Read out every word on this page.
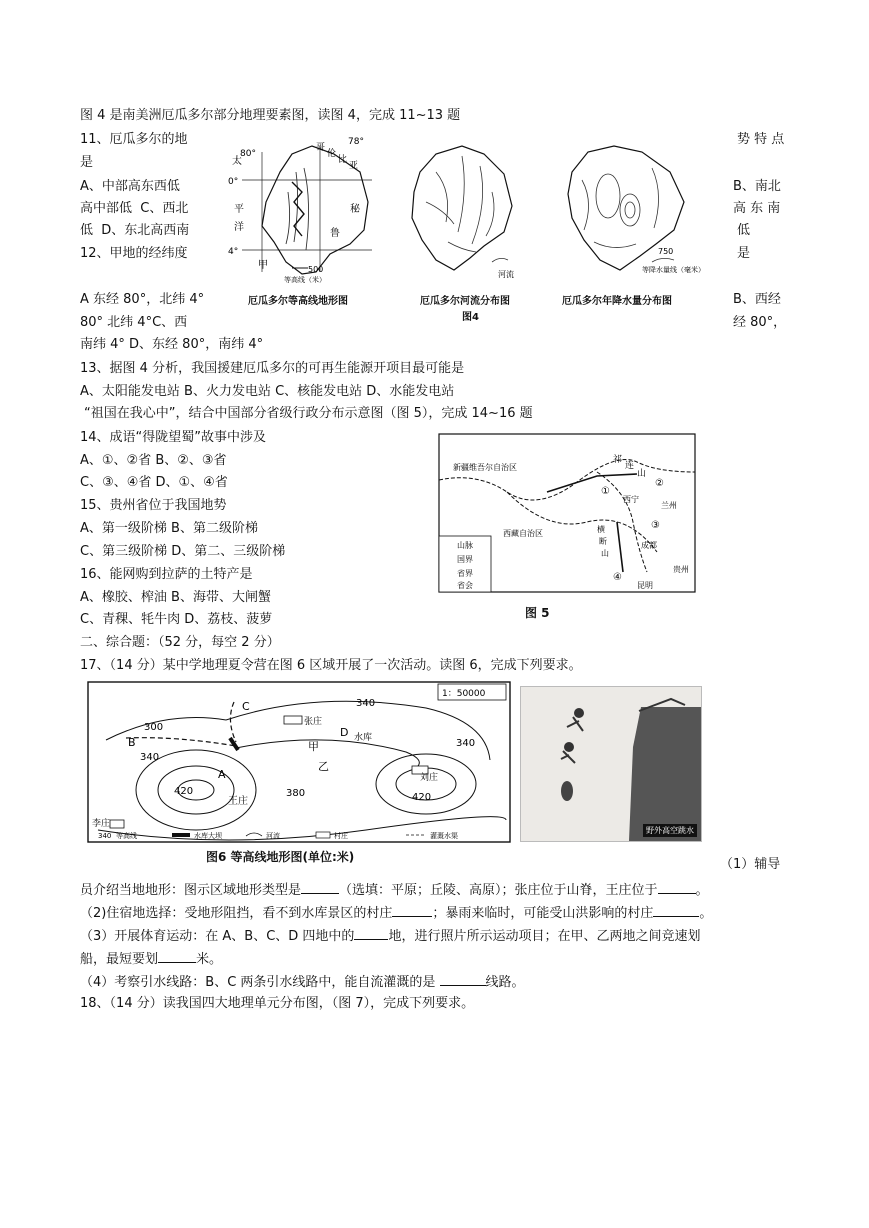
图 4 是南美洲厄瓜多尔部分地理要素图，读图 4，完成 11~13 题
11、厄瓜多尔的地	势 特 点
是
A、中部高东西低	B、南北
高中部低 C、西北	高 东 南
低 D、东北高西南	低
12、甲地的经纬度	是
A 东经 80°，北纬 4°	B、西经
80° 北纬 4°C、西	经 80°，
南纬 4° D、东经 80°，南纬 4°
13、据图 4 分析，我国援建厄瓜多尔的可再生能源开项目最可能是
A、太阳能发电站 B、火力发电站 C、核能发电站 D、水能发电站
“祖国在我心中”，结合中国部分省级行政分布示意图（图 5），完成 14~16 题
14、成语“得陇望蜀”故事中涉及
A、①、②省 B、②、③省
C、③、④省 D、①、④省
15、贵州省位于我国地势
A、第一级阶梯 B、第二级阶梯
C、第三级阶梯 D、第二、三级阶梯
16、能网购到拉萨的土特产是
A、橡胶、榨油 B、海带、大闸蟹
C、青稞、牦牛肉 D、荔枝、菠萝
二、综合题：（52 分，每空 2 分）
17、（14 分）某中学地理夏令营在图 6 区域开展了一次活动。读图 6，完成下列要求。
80°
78°
0°
4°
太
平
洋
哥
伦
比
亚
秘
鲁
甲	500
等高线（米）
河流
750
等降水量线（毫米）
厄瓜多尔等高线地形图	厄瓜多尔河流分布图	厄瓜多尔年降水量分布图
图4
新疆维吾尔自治区
西藏自治区
祁
连
山
①
②
③
④
西宁
兰州
成都
昆明
贵州
横
断
山
山脉
国界
省界
省会
图 5
1：50000
340
300
340
420	380	420
340
A
B
C
D
甲
乙
张庄
刘庄
王庄
李庄
水库
340 等高线	水库大坝	河流	村庄	灌溉水渠
图6 等高线地形图(单位:米)
野外高空跳水
（1）辅导
员介绍当地地形：图示区域地形类型是	（选填：平原；丘陵、高原）；张庄位于山脊，王庄位于	。
（2)住宿地选择：受地形阻挡，看不到水库景区的村庄	；暴雨来临时，可能受山洪影响的村庄	。
（3）开展体育运动：在 A、B、C、D 四地中的	地，进行照片所示运动项目；在甲、乙两地之间竞速划
船，最短要划	米。
（4）考察引水线路：B、C 两条引水线路中，能自流灌溉的是	线路。
18、（14 分）读我国四大地理单元分布图，（图 7），完成下列要求。
